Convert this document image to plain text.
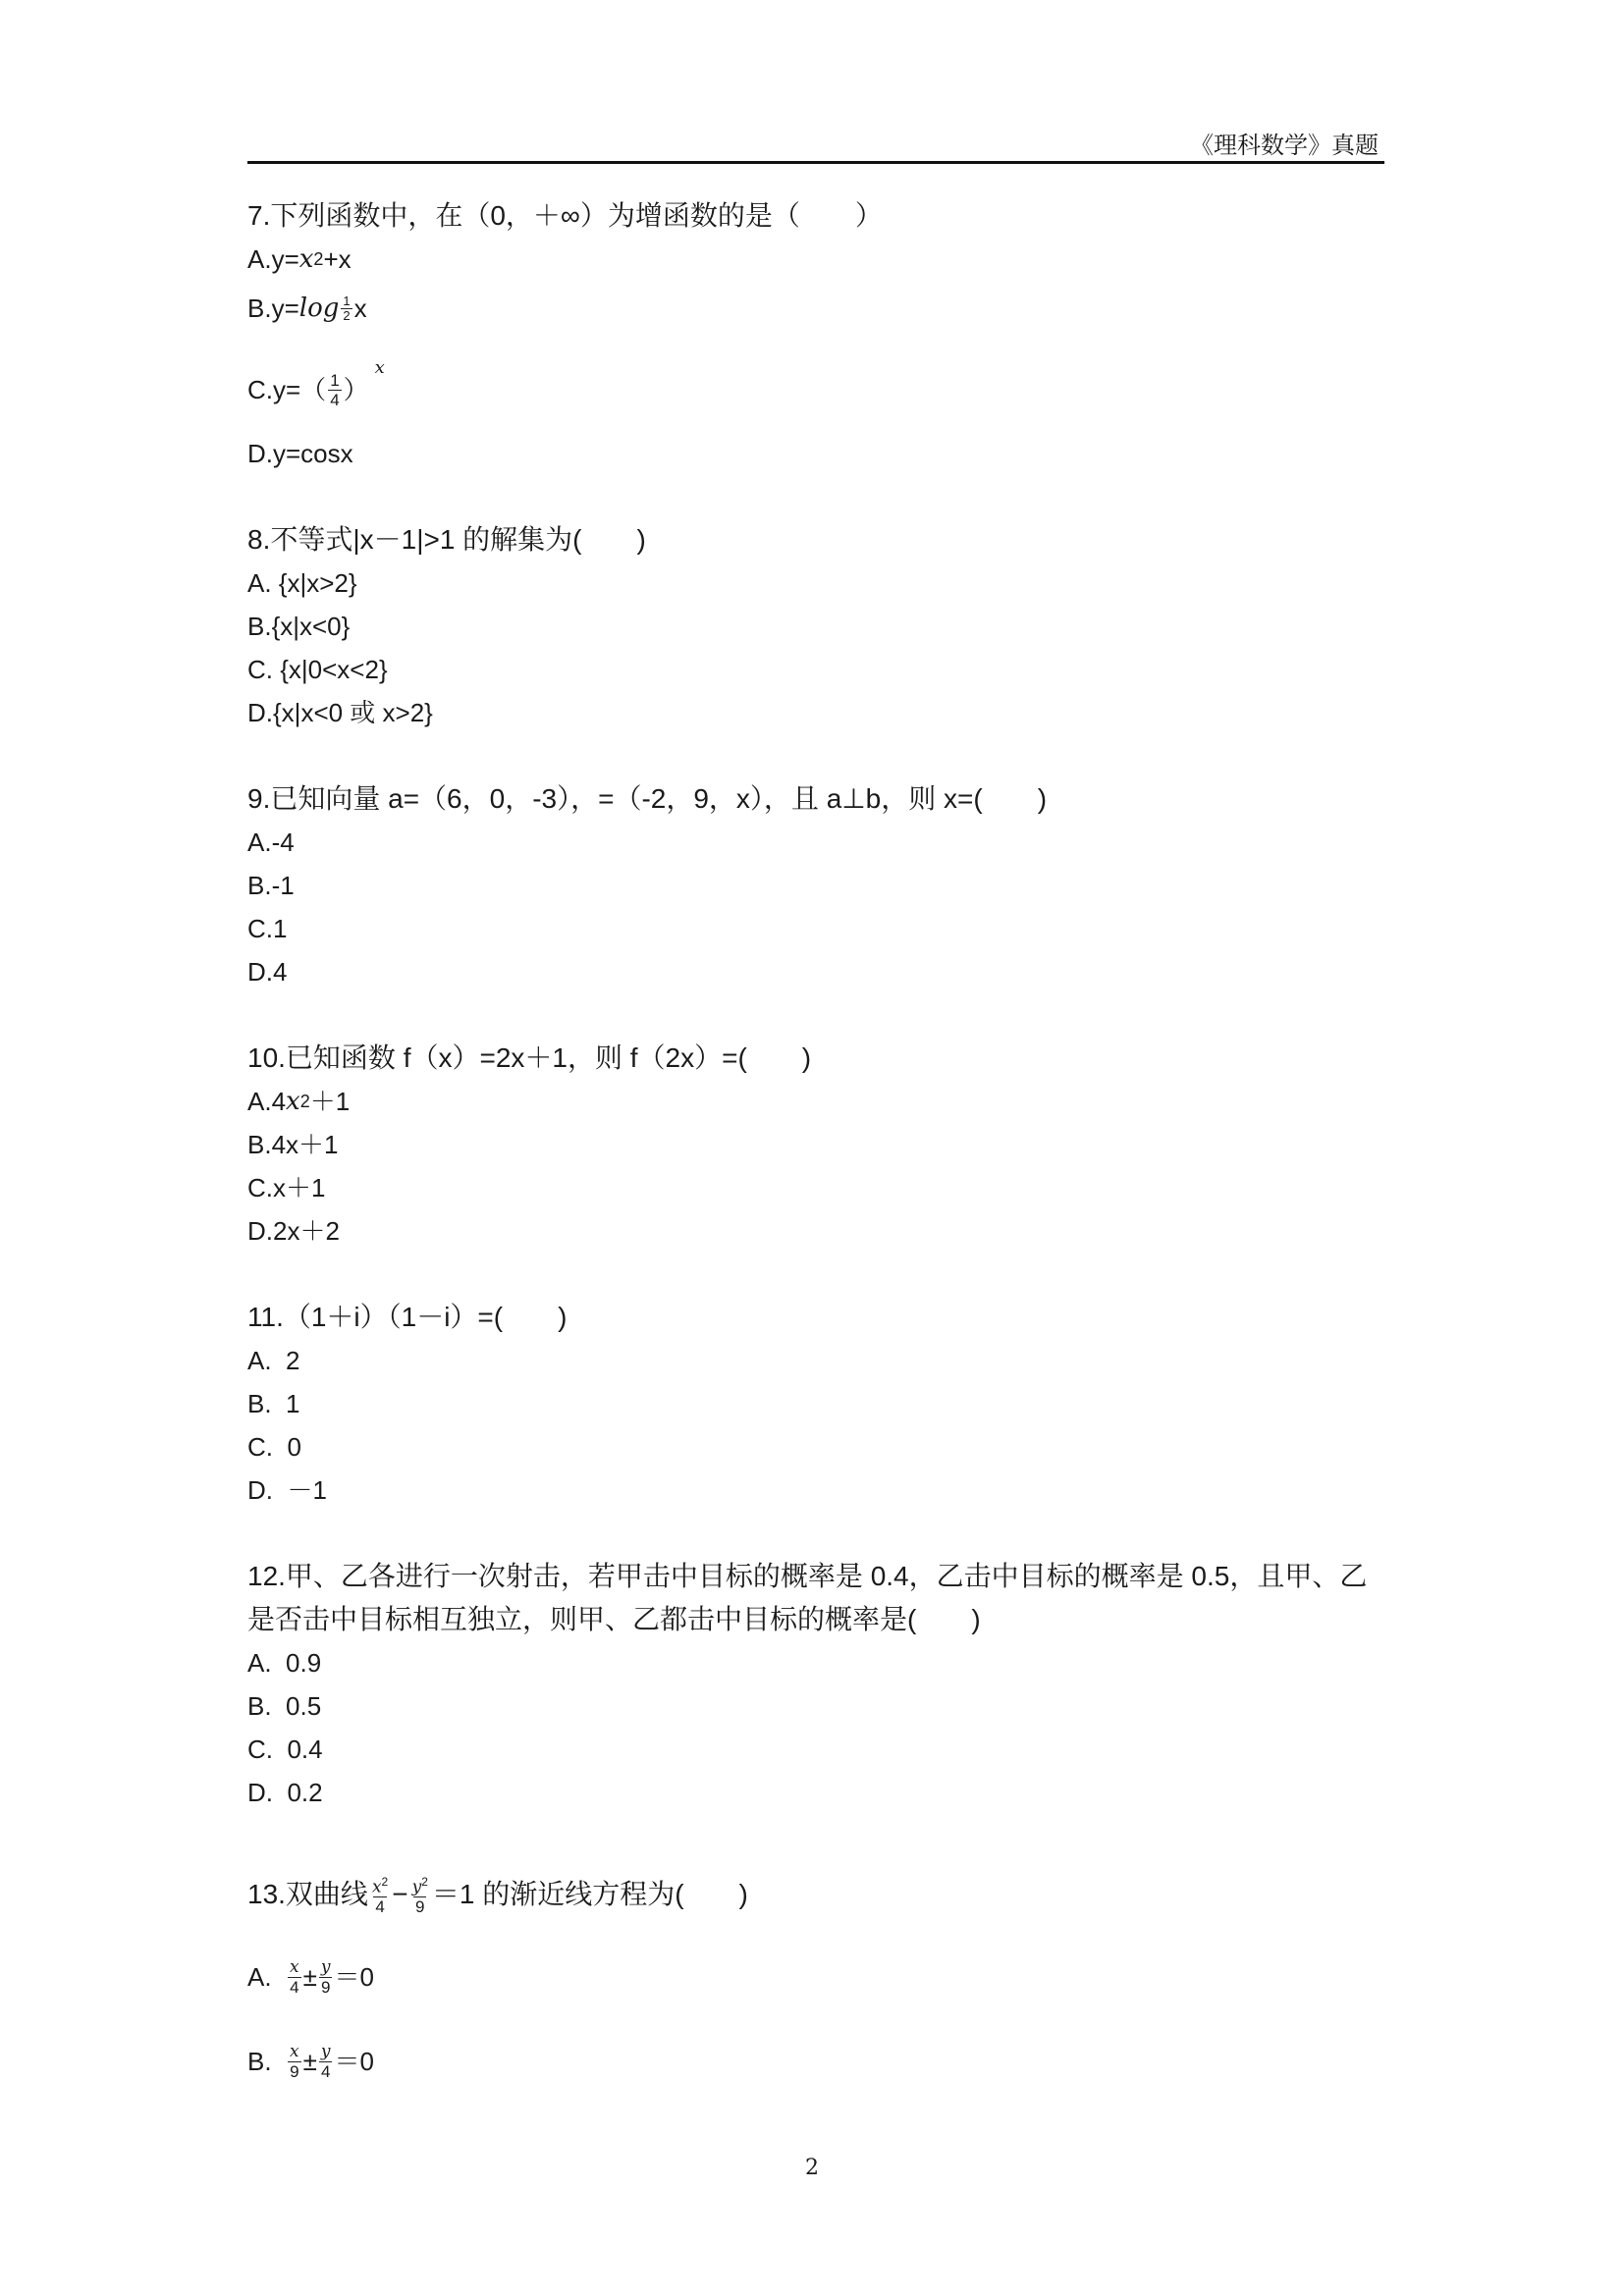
《理科数学》真题

7.下列函数中，在（0，＋∞）为增函数的是（　　）

A.y= x 2 +x
$B.y= \log \frac{1}{2}$ x
$C.y=( \frac{1}{4}$ ）
x
D.y=cosx

8.不等式|x－1|>1 的解集为(　　)

A. {x|x>2}
B.{x|x<0}
C. {x|0<x<2}
D.{x|x<0 或 x>2}

9.已知向量 a=（6，0，-3），=（-2，9，x），且 a⊥b，则 x=(　　)

A.-4
B.-1
C.1
D.4

10.已知函数 f（x）=2x＋1，则 f（2x）=(　　)

A.4 x 2 ＋1
B.4x＋1
C.x＋1
D.2x＋2

11.（1＋i）（1－i）=(　　)

A.  2
B.  1
C.  0
D.  －1

12.甲、乙各进行一次射击，若甲击中目标的概率是 0.4，乙击中目标的概率是 0.5，且甲、乙是否击中目标相互独立，则甲、乙都击中目标的概率是(　　)

A.  0.9
B.  0.5
C.  0.4
D.  0.2
13.双曲线 $\frac{x^2}{4} - \frac{y^2}{9} =1$ 的渐近线方程为(　　)
A. $\frac{x}{4} \pm \frac{y}{9} =0$
B. $\frac{x}{9} \pm \frac{y}{4} =0$
2
